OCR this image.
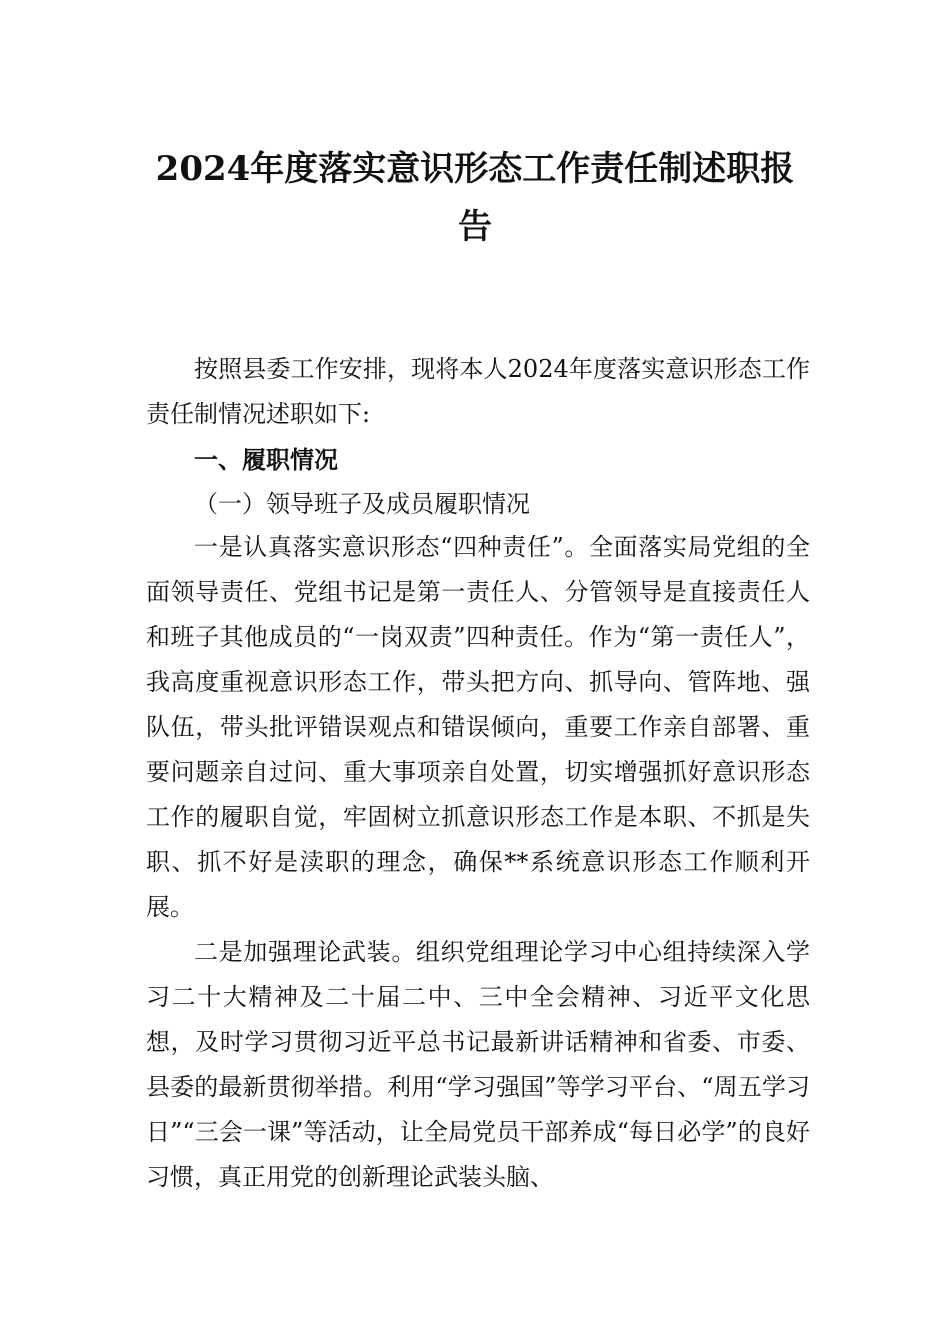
2024年度落实意识形态工作责任制述职报告

按照县委工作安排，现将本人2024年度落实意识形态工作责任制情况述职如下:

一、履职情况

（一）领导班子及成员履职情况

一是认真落实意识形态“四种责任”。全面落实局党组的全面领导责任、党组书记是第一责任人、分管领导是直接责任人和班子其他成员的“一岗双责”四种责任。作为“第一责任人”，我高度重视意识形态工作，带头把方向、抓导向、管阵地、强队伍，带头批评错误观点和错误倾向，重要工作亲自部署、重要问题亲自过问、重大事项亲自处置，切实增强抓好意识形态工作的履职自觉，牢固树立抓意识形态工作是本职、不抓是失职、抓不好是渎职的理念，确保**系统意识形态工作顺利开展。

二是加强理论武装。组织党组理论学习中心组持续深入学习二十大精神及二十届二中、三中全会精神、习近平文化思想，及时学习贯彻习近平总书记最新讲话精神和省委、市委、县委的最新贯彻举措。利用“学习强国”等学习平台、“周五学习日”“三会一课”等活动，让全局党员干部养成“每日必学”的良好习惯，真正用党的创新理论武装头脑、
